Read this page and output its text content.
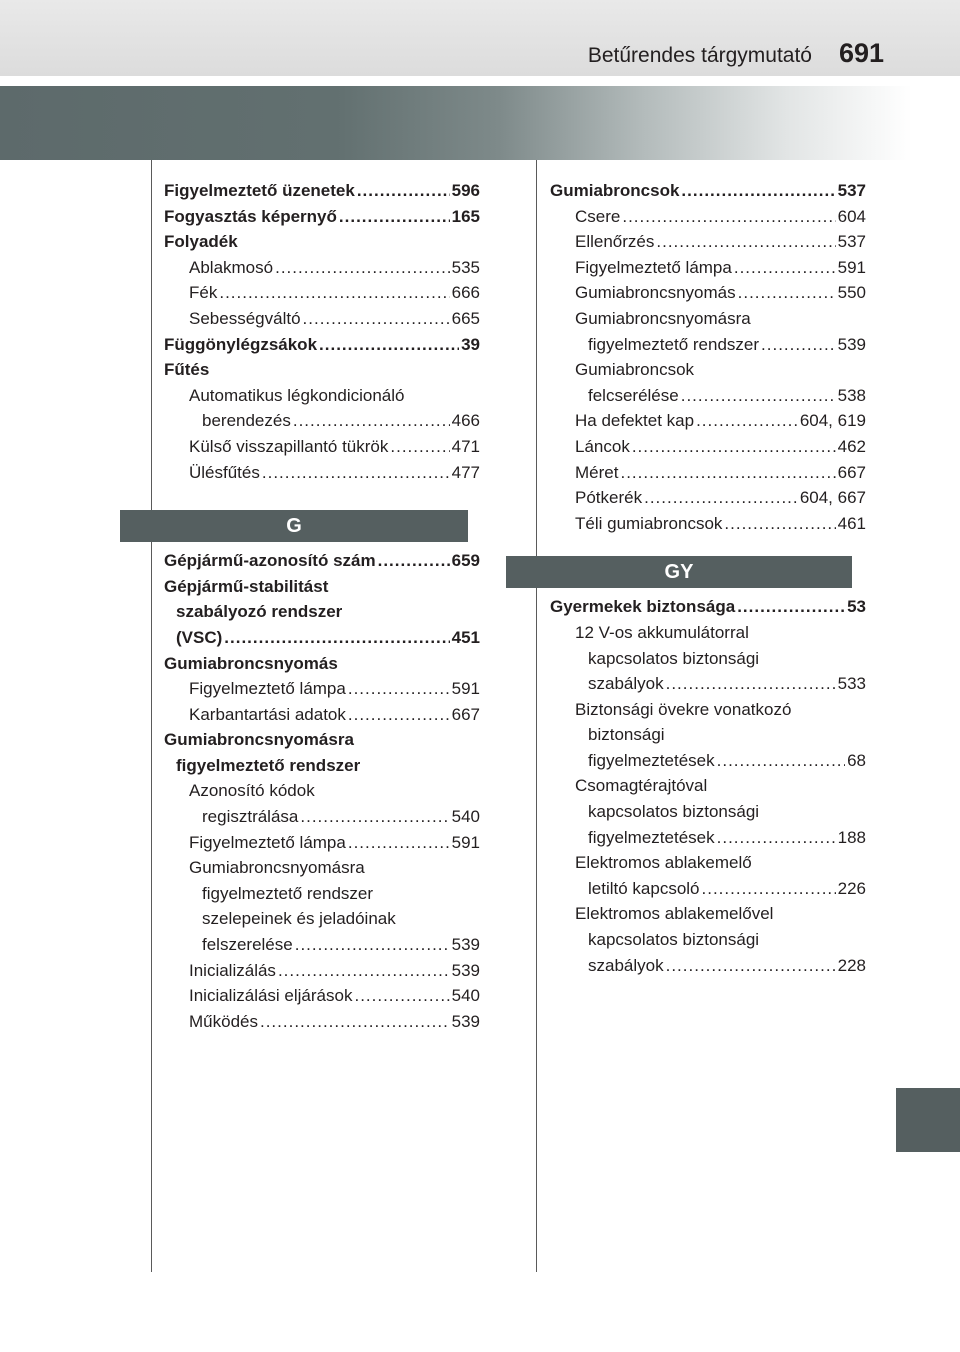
Betűrendes tárgymutató 691
Figyelmeztető üzenetek .....	596
Fogyasztás képernyő .....	165
Folyadék
Ablakmosó .....	535
Fék .....	666
Sebességváltó .....	665
Függönylégzsákok .....	39
Fűtés
Automatikus légkondicionáló
berendezés .....	466
Külső visszapillantó tükrök .....	471
Ülésfűtés .....	477
G
Gépjármű-azonosító szám .....	659
Gépjármű-stabilitást
szabályozó rendszer
(VSC) .....	451
Gumiabroncsnyomás
Figyelmeztető lámpa .....	591
Karbantartási adatok .....	667
Gumiabroncsnyomásra
figyelmeztető rendszer
Azonosító kódok
regisztrálása .....	540
Figyelmeztető lámpa .....	591
Gumiabroncsnyomásra
figyelmeztető rendszer
szelepeinek és jeladóinak
felszerelése .....	539
Inicializálás .....	539
Inicializálási eljárások .....	540
Működés .....	539
Gumiabroncsok .....	537
Csere .....	604
Ellenőrzés .....	537
Figyelmeztető lámpa .....	591
Gumiabroncsnyomás .....	550
Gumiabroncsnyomásra
figyelmeztető rendszer .....	539
Gumiabroncsok
felcserélése .....	538
Ha defektet kap .....	604, 619
Láncok .....	462
Méret .....	667
Pótkerék .....	604, 667
Téli gumiabroncsok .....	461
GY
Gyermekek biztonsága .....	53
12 V-os akkumulátorral
kapcsolatos biztonsági
szabályok .....	533
Biztonsági övekre vonatkozó
biztonsági
figyelmeztetések .....	68
Csomagtérajtóval
kapcsolatos biztonsági
figyelmeztetések .....	188
Elektromos ablakemelő
letiltó kapcsoló .....	226
Elektromos ablakemelővel
kapcsolatos biztonsági
szabályok .....	228
